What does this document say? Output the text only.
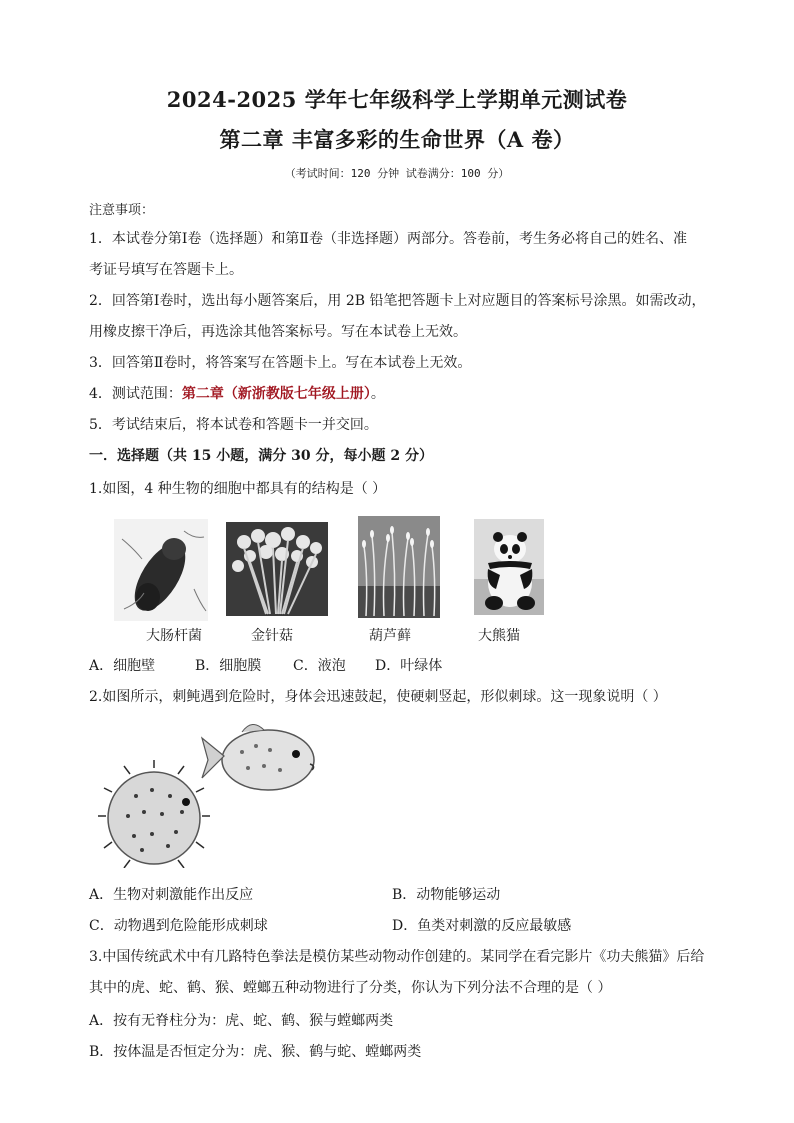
2024-2025 学年七年级科学上学期单元测试卷
第二章 丰富多彩的生命世界（A 卷）
（考试时间：120 分钟 试卷满分：100 分）
注意事项：
1．本试卷分第Ⅰ卷（选择题）和第Ⅱ卷（非选择题）两部分。答卷前，考生务必将自己的姓名、准
考证号填写在答题卡上。
2．回答第Ⅰ卷时，选出每小题答案后，用 2B 铅笔把答题卡上对应题目的答案标号涂黑。如需改动，
用橡皮擦干净后，再选涂其他答案标号。写在本试卷上无效。
3．回答第Ⅱ卷时，将答案写在答题卡上。写在本试卷上无效。
4．测试范围：第二章（新浙教版七年级上册）。
5．考试结束后，将本试卷和答题卡一并交回。
一．选择题（共 15 小题，满分 30 分，每小题 2 分）
1.如图，4 种生物的细胞中都具有的结构是（ ）
大肠杆菌	金针菇	葫芦藓	大熊猫
A．细胞壁	B．细胞膜 C．液泡 D．叶绿体
2.如图所示，刺鲀遇到危险时，身体会迅速鼓起，使硬刺竖起，形似刺球。这一现象说明（ ）
A．生物对刺激能作出反应	B．动物能够运动
C．动物遇到危险能形成刺球	D．鱼类对刺激的反应最敏感
3.中国传统武术中有几路特色拳法是模仿某些动物动作创建的。某同学在看完影片《功夫熊猫》后给
其中的虎、蛇、鹤、猴、螳螂五种动物进行了分类，你认为下列分法不合理的是（ ）
A．按有无脊柱分为：虎、蛇、鹤、猴与螳螂两类
B．按体温是否恒定分为：虎、猴、鹤与蛇、螳螂两类
